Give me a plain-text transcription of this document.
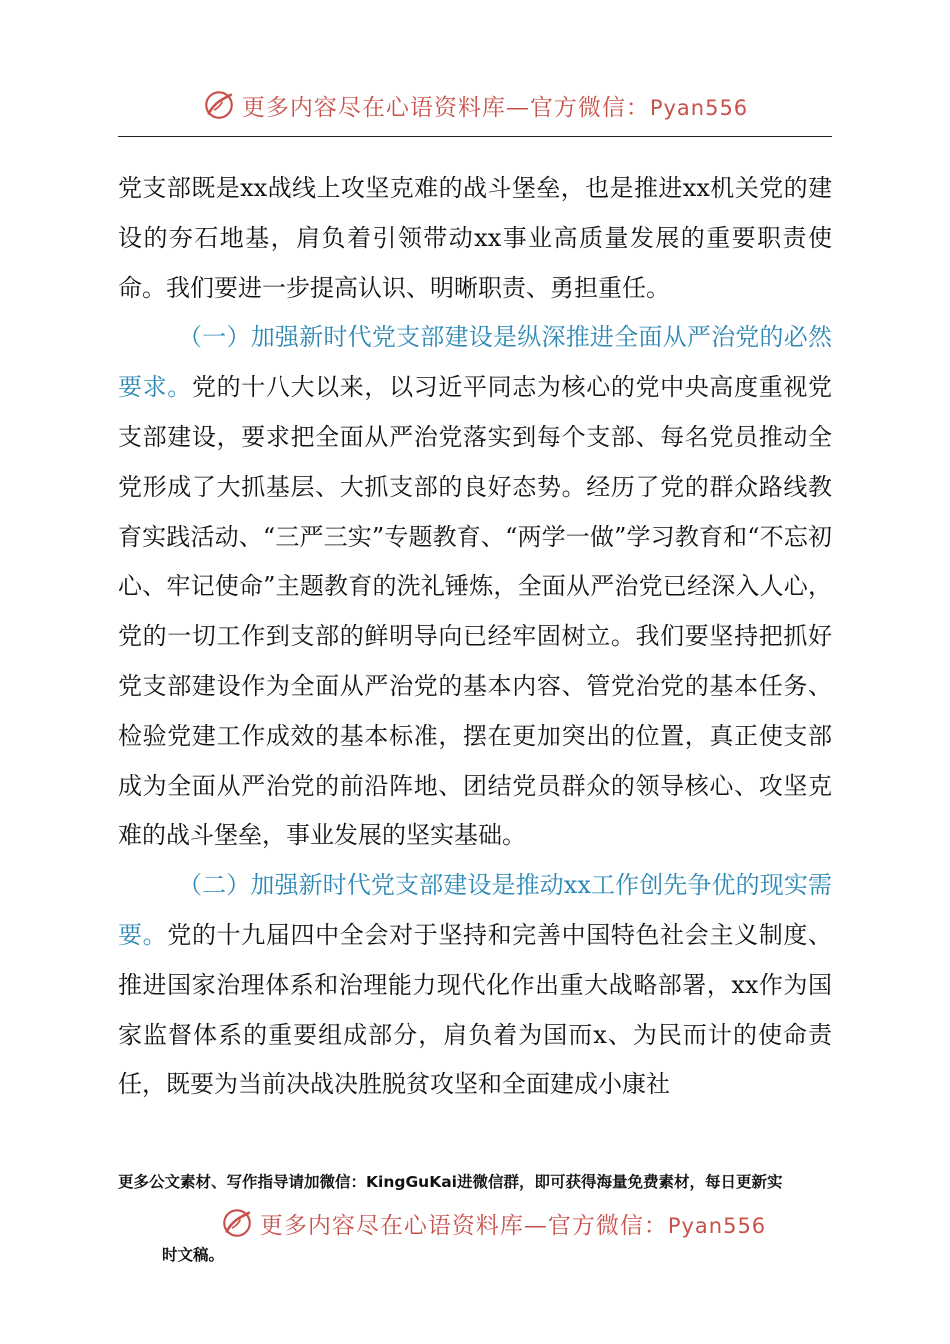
更多内容尽在心语资料库—官方微信：Pyan556

党支部既是xx战线上攻坚克难的战斗堡垒，也是推进xx机关党的建设的夯石地基，肩负着引领带动xx事业高质量发展的重要职责使命。我们要进一步提高认识、明晰职责、勇担重任。

（一）加强新时代党支部建设是纵深推进全面从严治党的必然要求。党的十八大以来，以习近平同志为核心的党中央高度重视党支部建设，要求把全面从严治党落实到每个支部、每名党员推动全党形成了大抓基层、大抓支部的良好态势。经历了党的群众路线教育实践活动、“三严三实”专题教育、“两学一做”学习教育和“不忘初心、牢记使命”主题教育的洗礼锤炼，全面从严治党已经深入人心，党的一切工作到支部的鲜明导向已经牢固树立。我们要坚持把抓好党支部建设作为全面从严治党的基本内容、管党治党的基本任务、检验党建工作成效的基本标准，摆在更加突出的位置，真正使支部成为全面从严治党的前沿阵地、团结党员群众的领导核心、攻坚克难的战斗堡垒，事业发展的坚实基础。

（二）加强新时代党支部建设是推动xx工作创先争优的现实需要。党的十九届四中全会对于坚持和完善中国特色社会主义制度、推进国家治理体系和治理能力现代化作出重大战略部署，xx作为国家监督体系的重要组成部分，肩负着为国而x、为民而计的使命责任，既要为当前决战决胜脱贫攻坚和全面建成小康社

更多公文素材、写作指导请加微信：KingGuKai进微信群，即可获得海量免费素材，每日更新实
更多内容尽在心语资料库—官方微信：Pyan556
时文稿。
